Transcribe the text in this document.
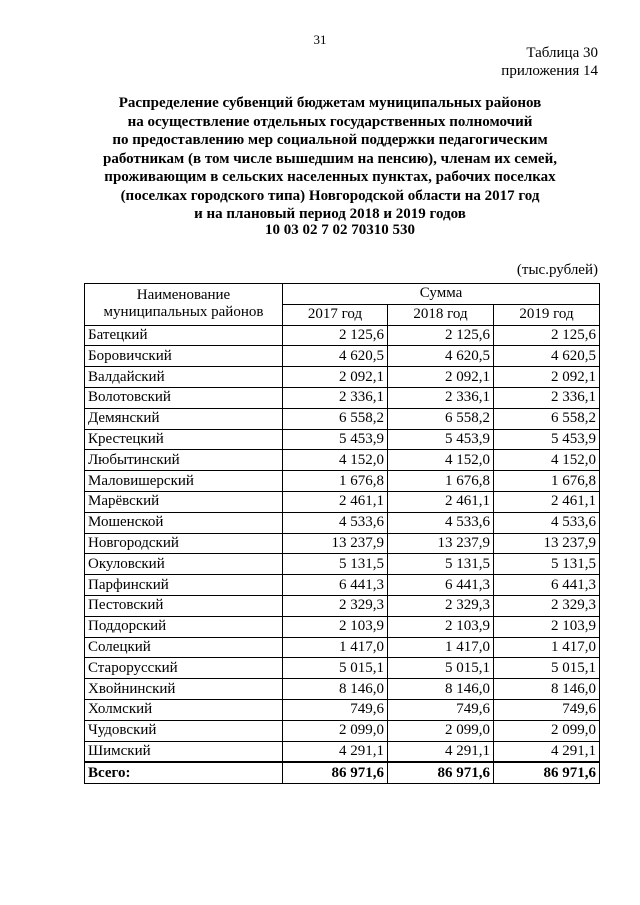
31
Таблица 30
приложения 14
Распределение субвенций бюджетам муниципальных районов
на осуществление отдельных государственных полномочий
по предоставлению мер социальной поддержки педагогическим
работникам (в том числе вышедшим на пенсию), членам их семей,
проживающим в сельских населенных пунктах, рабочих поселках
(поселках городского типа) Новгородской области на 2017 год
и на плановый период 2018 и 2019 годов
10 03 02 7 02 70310 530
(тыс.рублей)
Наименование муниципальных районов	Сумма		
	2017 год	2018 год	2019 год
Батецкий	2 125,6	2 125,6	2 125,6
Боровичский	4 620,5	4 620,5	4 620,5
Валдайский	2 092,1	2 092,1	2 092,1
Волотовский	2 336,1	2 336,1	2 336,1
Демянский	6 558,2	6 558,2	6 558,2
Крестецкий	5 453,9	5 453,9	5 453,9
Любытинский	4 152,0	4 152,0	4 152,0
Маловишерский	1 676,8	1 676,8	1 676,8
Марёвский	2 461,1	2 461,1	2 461,1
Мошенской	4 533,6	4 533,6	4 533,6
Новгородский	13 237,9	13 237,9	13 237,9
Окуловский	5 131,5	5 131,5	5 131,5
Парфинский	6 441,3	6 441,3	6 441,3
Пестовский	2 329,3	2 329,3	2 329,3
Поддорский	2 103,9	2 103,9	2 103,9
Солецкий	1 417,0	1 417,0	1 417,0
Старорусский	5 015,1	5 015,1	5 015,1
Хвойнинский	8 146,0	8 146,0	8 146,0
Холмский	749,6	749,6	749,6
Чудовский	2 099,0	2 099,0	2 099,0
Шимский	4 291,1	4 291,1	4 291,1
Всего:	86 971,6	86 971,6	86 971,6
